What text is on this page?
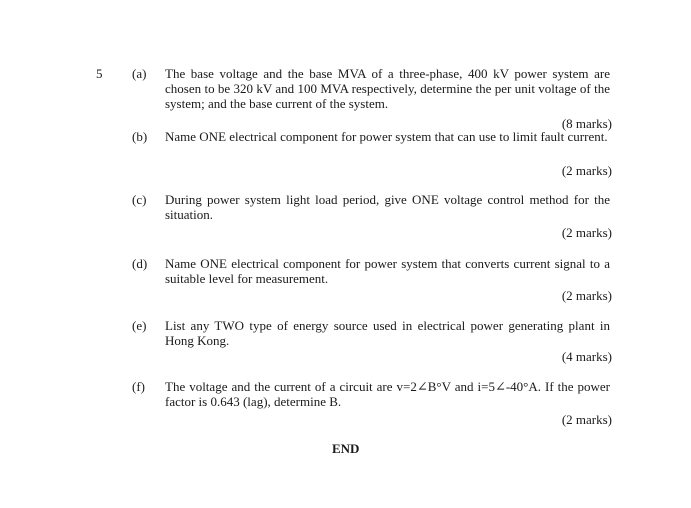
5 (a) The base voltage and the base MVA of a three-phase, 400 kV power system are chosen to be 320 kV and 100 MVA respectively, determine the per unit voltage of the system; and the base current of the system.
(8 marks)
(b) Name ONE electrical component for power system that can use to limit fault current.
(2 marks)
(c) During power system light load period, give ONE voltage control method for the situation.
(2 marks)
(d) Name ONE electrical component for power system that converts current signal to a suitable level for measurement.
(2 marks)
(e) List any TWO type of energy source used in electrical power generating plant in Hong Kong.
(4 marks)
(f) The voltage and the current of a circuit are v=2∠B°V and i=5∠-40°A. If the power factor is 0.643 (lag), determine B.
(2 marks)
END
